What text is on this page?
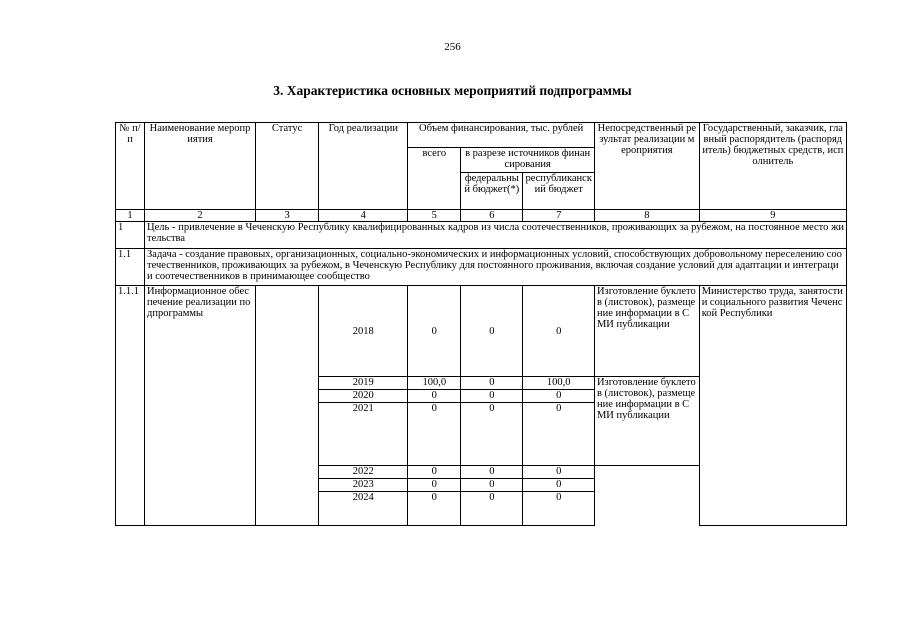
256
3. Характеристика основных мероприятий подпрограммы
№ п/п	Наименование мероприятия	Статус	Год реализации	Объем финансирования, тыс. рублей			Непосредственный результат реализации мероприятия	Государственный, заказчик, главный распорядитель (распорядитель) бюджетных средств, исполнитель
				всего	в разрезе источников финансирования			
					федеральный бюджет(*)	республиканский бюджет		
1	2	3	4	5	6	7	8	9
1	Цель - привлечение в Чеченскую Республику квалифицированных кадров из числа соотечественников, проживающих за рубежом, на постоянное место жительства							
1.1	Задача - создание правовых, организационных, социально-экономических и информационных условий, способствующих добровольному переселению соотечественников, проживающих за рубежом, в Чеченскую Республику для постоянного проживания, включая создание условий для адаптации и интеграции соотечественников в принимающее сообщество							
1.1.1	Информационное обеспечение реализации подпрограммы		2018	0	0	0	Изготовление буклетов (листовок), размещение информации в СМИ публикации	Министерство труда, занятости и социального развития Чеченской Республики
			2019	100,0	0	100,0	Изготовление буклетов (листовок), размещение информации в СМИ публикации	
			2020	0	0	0		
			2021	0	0	0		
			2022	0	0	0		
			2023	0	0	0		
			2024	0	0	0		
